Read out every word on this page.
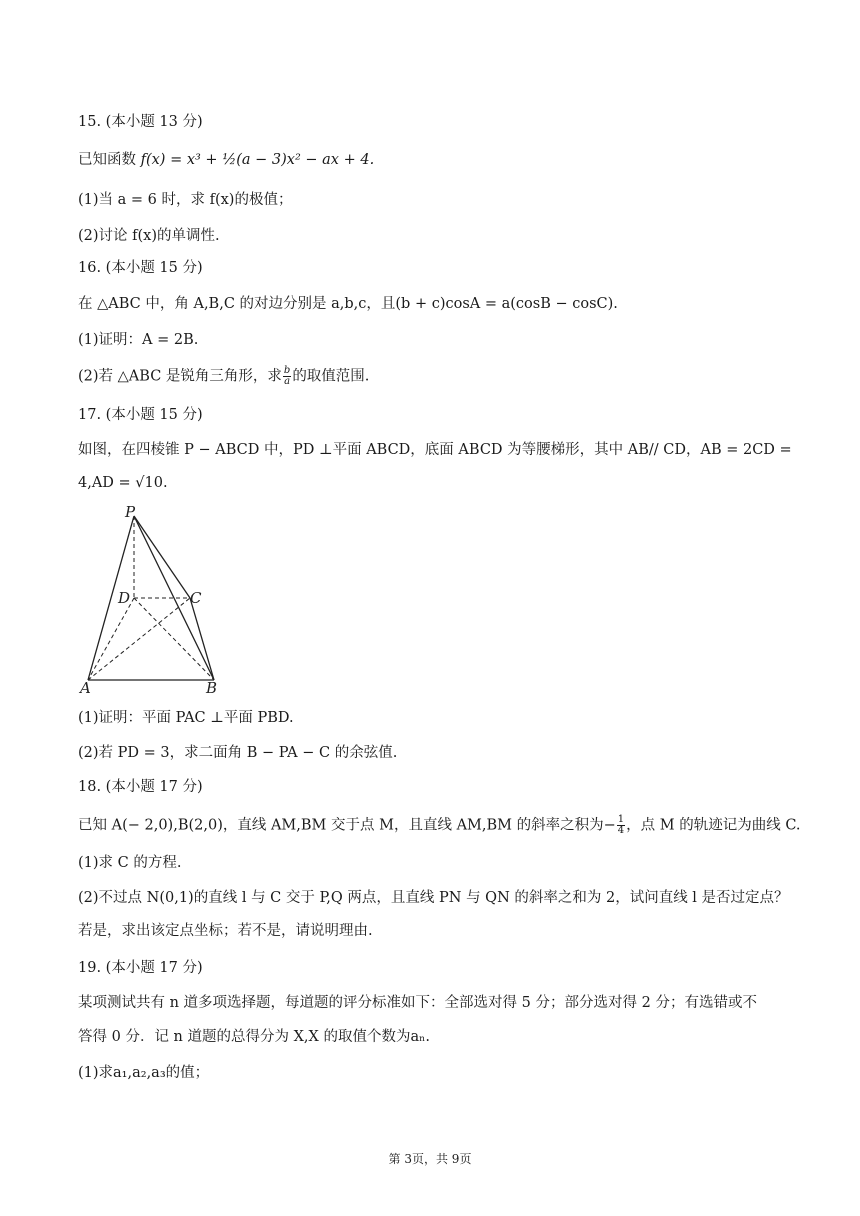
15. (本小题 13 分)
已知函数 f(x) = x³ + ½(a − 3)x² − ax + 4.
(1)当 a = 6 时，求 f(x)的极值；
(2)讨论 f(x)的单调性.
16. (本小题 15 分)
在 △ABC 中，角 A,B,C 的对边分别是 a,b,c，且(b + c)cosA = a(cosB − cosC).
(1)证明：A = 2B.
(2)若 △ABC 是锐角三角形，求 $\frac{b}{a}$ 的取值范围.
17. (本小题 15 分)
如图，在四棱锥 P − ABCD 中，PD ⊥平面 ABCD，底面 ABCD 为等腰梯形，其中 AB// CD，AB = 2CD =
4,AD = √10.
P
D	C
A	B
(1)证明：平面 PAC ⊥平面 PBD.
(2)若 PD = 3，求二面角 B − PA − C 的余弦值.
18. (本小题 17 分)
已知 A(− 2,0),B(2,0)，直线 AM,BM 交于点 M，且直线 AM,BM 的斜率之积为− $\frac{1}{4}$ ，点 M 的轨迹记为曲线 C.
(1)求 C 的方程.
(2)不过点 N(0,1)的直线 l 与 C 交于 P,Q 两点，且直线 PN 与 QN 的斜率之和为 2，试问直线 l 是否过定点？
若是，求出该定点坐标；若不是，请说明理由.
19. (本小题 17 分)
某项测试共有 n 道多项选择题，每道题的评分标准如下：全部选对得 5 分；部分选对得 2 分；有选错或不
答得 0 分．记 n 道题的总得分为 X,X 的取值个数为aₙ.
(1)求a₁,a₂,a₃的值；
第 3页，共 9页
